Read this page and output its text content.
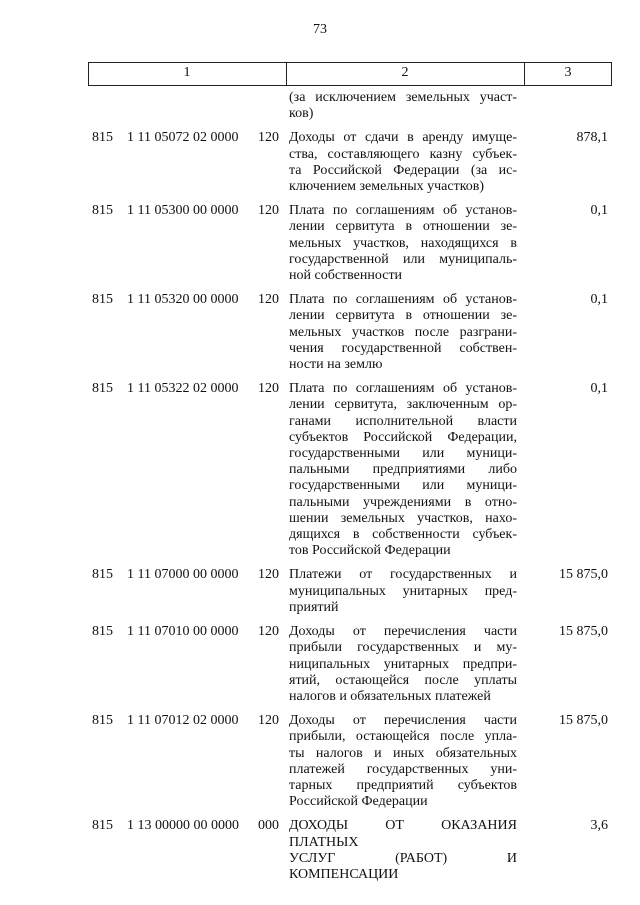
73
1	2	3
(за исключением земельных участ-
ков)
815 1 11 05072 02 0000 120 Доходы от сдачи в аренду имуще-
ства, составляющего казну субъек-
та Российской Федерации (за ис-
ключением земельных участков)
878,1
815 1 11 05300 00 0000 120 Плата по соглашениям об установ-
лении сервитута в отношении зе-
мельных участков, находящихся в
государственной или муниципаль-
ной собственности
0,1
815 1 11 05320 00 0000 120 Плата по соглашениям об установ-
лении сервитута в отношении зе-
мельных участков после разграни-
чения государственной собствен-
ности на землю
0,1
815 1 11 05322 02 0000 120 Плата по соглашениям об установ-
лении сервитута, заключенным ор-
ганами исполнительной власти
субъектов Российской Федерации,
государственными или муници-
пальными предприятиями либо
государственными или муници-
пальными учреждениями в отно-
шении земельных участков, нахо-
дящихся в собственности субъек-
тов Российской Федерации
0,1
815 1 11 07000 00 0000 120 Платежи от государственных и
муниципальных унитарных пред-
приятий
15 875,0
815 1 11 07010 00 0000 120 Доходы от перечисления части
прибыли государственных и му-
ниципальных унитарных предпри-
ятий, остающейся после уплаты
налогов и обязательных платежей
15 875,0
815 1 11 07012 02 0000 120 Доходы от перечисления части
прибыли, остающейся после упла-
ты налогов и иных обязательных
платежей государственных уни-
тарных предприятий субъектов
Российской Федерации
15 875,0
815 1 13 00000 00 0000 000 ДОХОДЫ ОТ ОКАЗАНИЯ ПЛАТНЫХ
УСЛУГ (РАБОТ) И КОМПЕНСАЦИИ
3,6
